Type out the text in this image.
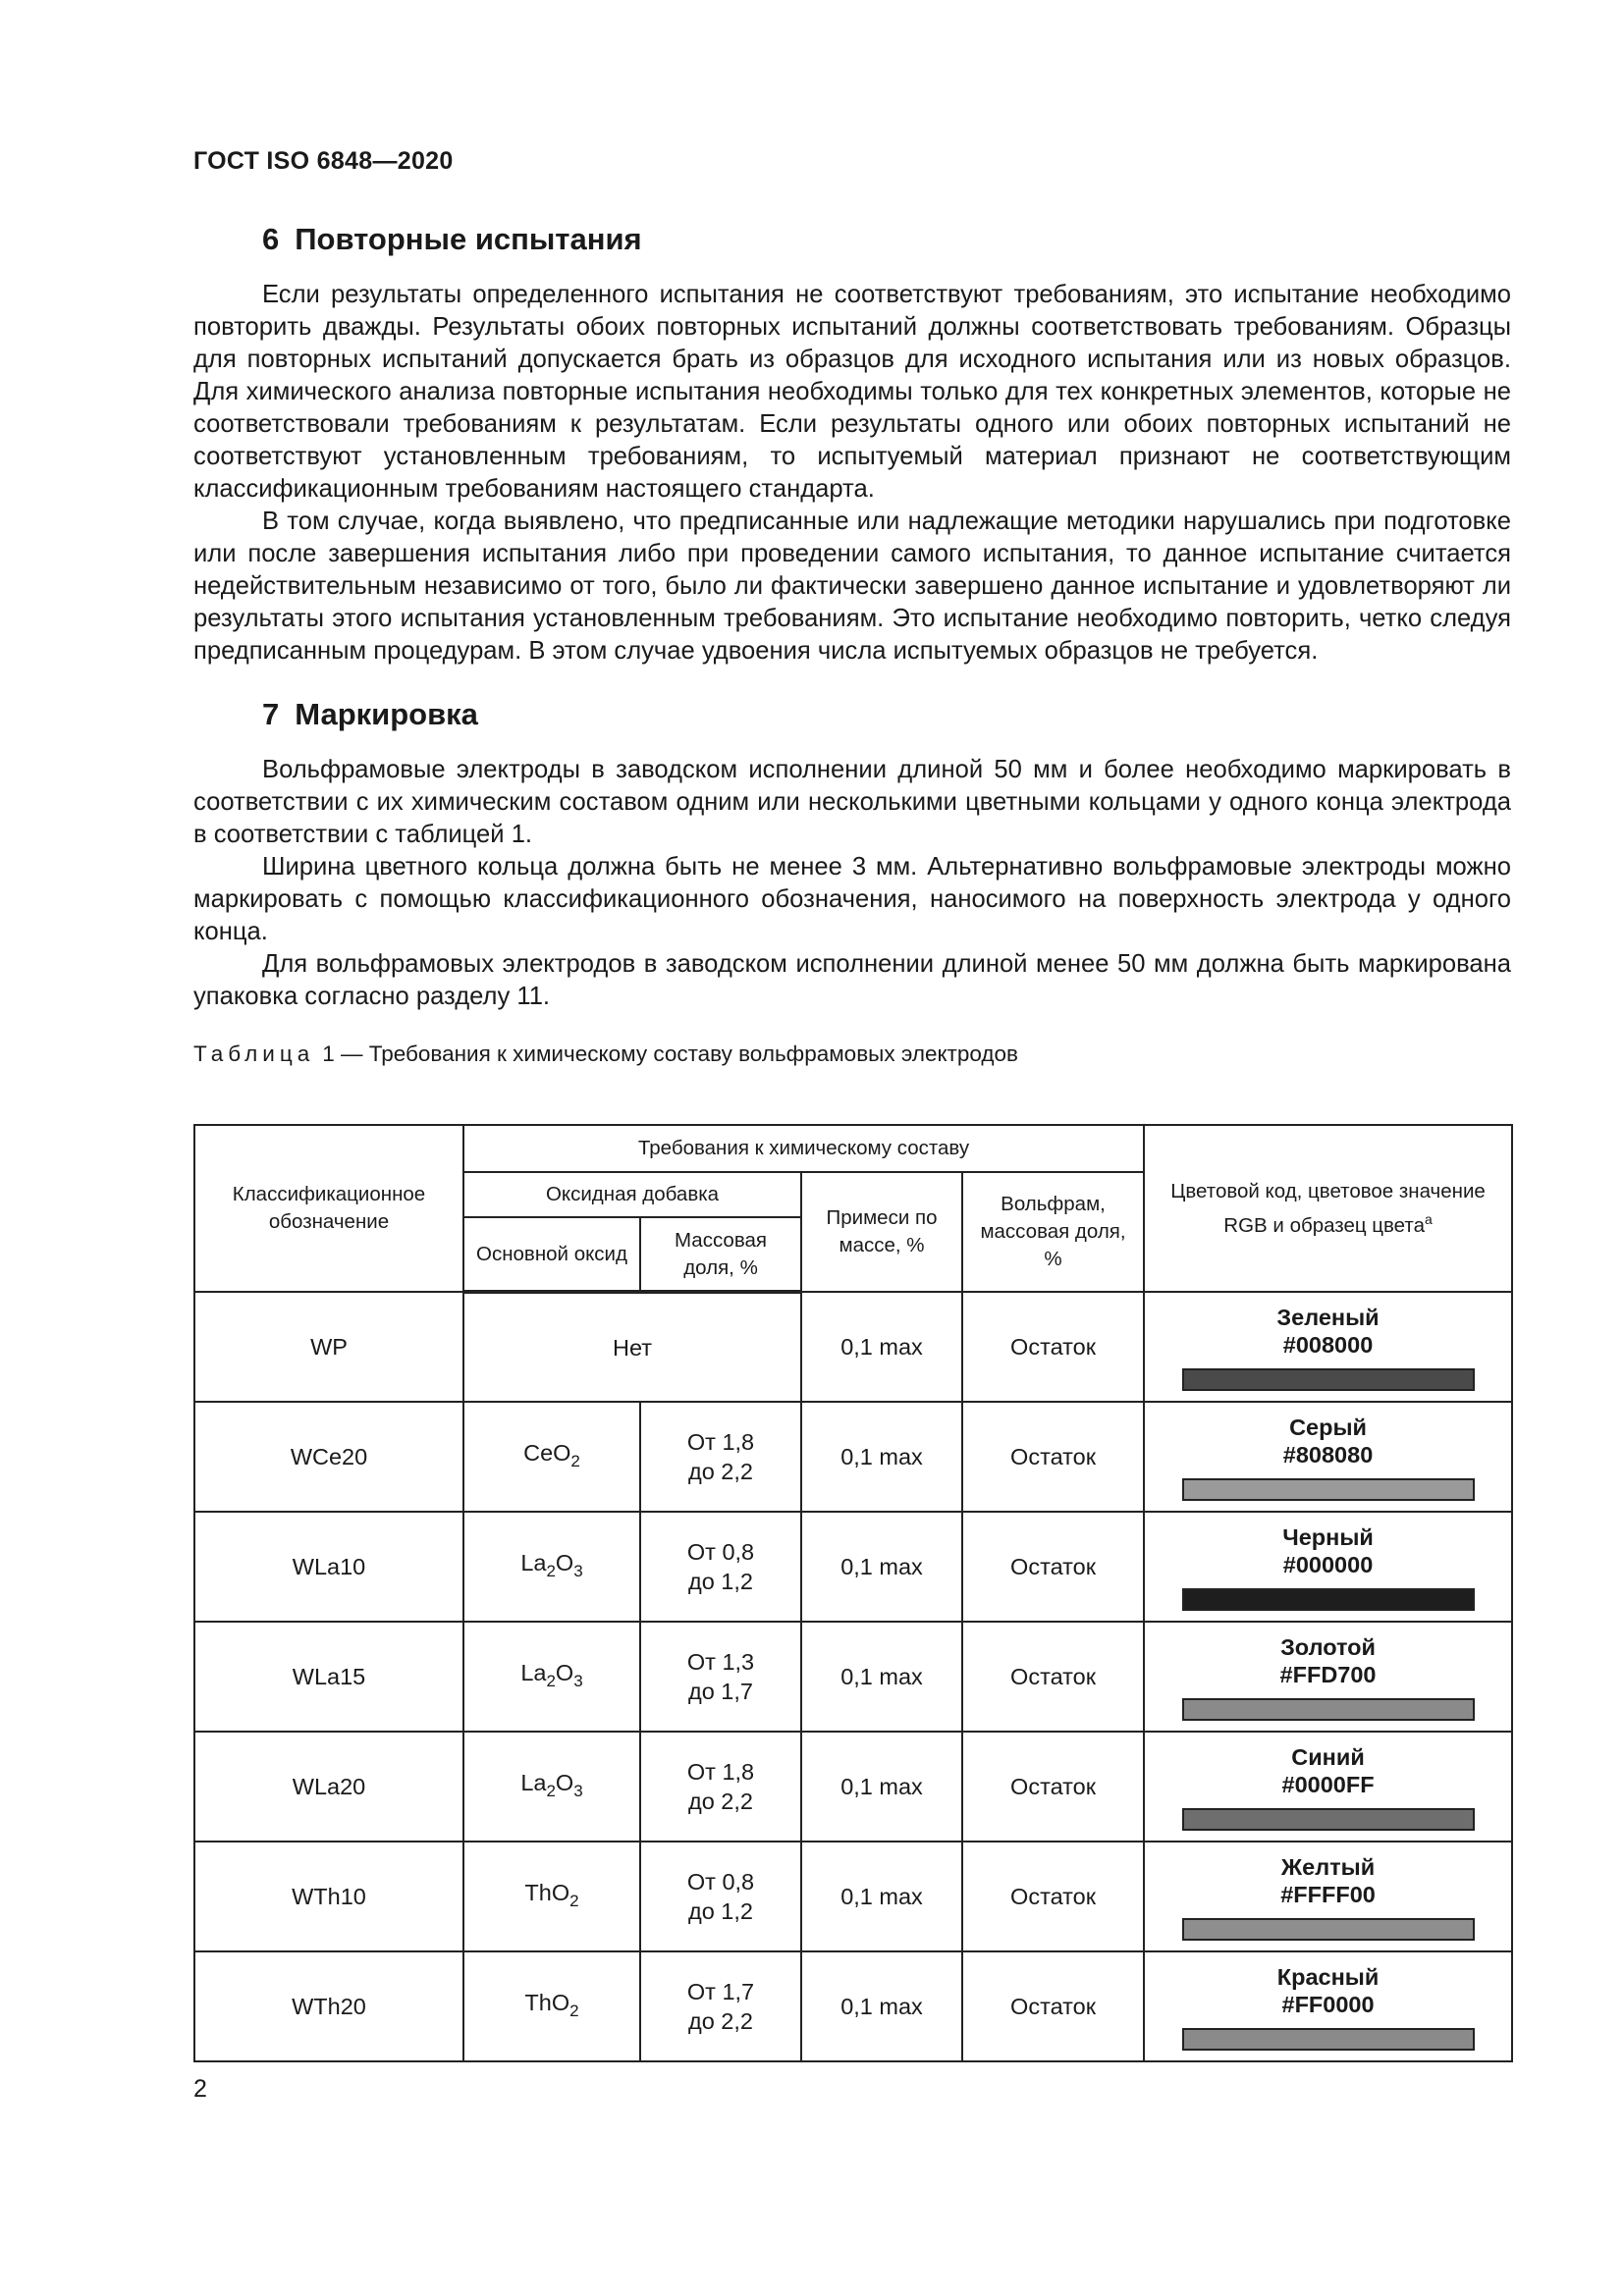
ГОСТ ISO 6848—2020
6 Повторные испытания

Если результаты определенного испытания не соответствуют требованиям, это испытание необходимо повторить дважды. Результаты обоих повторных испытаний должны соответствовать требованиям. Образцы для повторных испытаний допускается брать из образцов для исходного испытания или из новых образцов. Для химического анализа повторные испытания необходимы только для тех конкретных элементов, которые не соответствовали требованиям к результатам. Если результаты одного или обоих повторных испытаний не соответствуют установленным требованиям, то испытуемый материал признают не соответствующим классификационным требованиям настоящего стандарта.

В том случае, когда выявлено, что предписанные или надлежащие методики нарушались при подготовке или после завершения испытания либо при проведении самого испытания, то данное испытание считается недействительным независимо от того, было ли фактически завершено данное испытание и удовлетворяют ли результаты этого испытания установленным требованиям. Это испытание необходимо повторить, четко следуя предписанным процедурам. В этом случае удвоения числа испытуемых образцов не требуется.

7 Маркировка

Вольфрамовые электроды в заводском исполнении длиной 50 мм и более необходимо маркировать в соответствии с их химическим составом одним или несколькими цветными кольцами у одного конца электрода в соответствии с таблицей 1.

Ширина цветного кольца должна быть не менее 3 мм. Альтернативно вольфрамовые электроды можно маркировать с помощью классификационного обозначения, наносимого на поверхность электрода у одного конца.

Для вольфрамовых электродов в заводском исполнении длиной менее 50 мм должна быть маркирована упаковка согласно разделу 11.

Таблица 1 — Требования к химическому составу вольфрамовых электродов
Классификационное обозначение	Требования к химическому составу				Цветовой код, цветовое значение RGB и образец цвета$^a$
	Оксидная добавка		Примеси по массе, %	Вольфрам, массовая доля, %	
	Основной оксид	Массовая доля, %			
WP	Нет		0,1 max	Остаток	Зеленый
#008000

WCe20	CeO$_2$	От 1,8 до 2,2	0,1 max	Остаток	Серый
#808080

WLa10	$La_2O_3$	От 0,8 до 1,2	0,1 max	Остаток	Черный
#000000

WLa15	$La_2O_3$	От 1,3 до 1,7	0,1 max	Остаток	Золотой
#FFD700

WLa20	$La_2O_3$	От 1,8 до 2,2	0,1 max	Остаток	Синий
#0000FF

WTh10	ThO$_2$	От 0,8 до 1,2	0,1 max	Остаток	Желтый
#FFFF00

WTh20	ThO$_2$	От 1,7 до 2,2	0,1 max	Остаток	Красный
#FF0000
2
